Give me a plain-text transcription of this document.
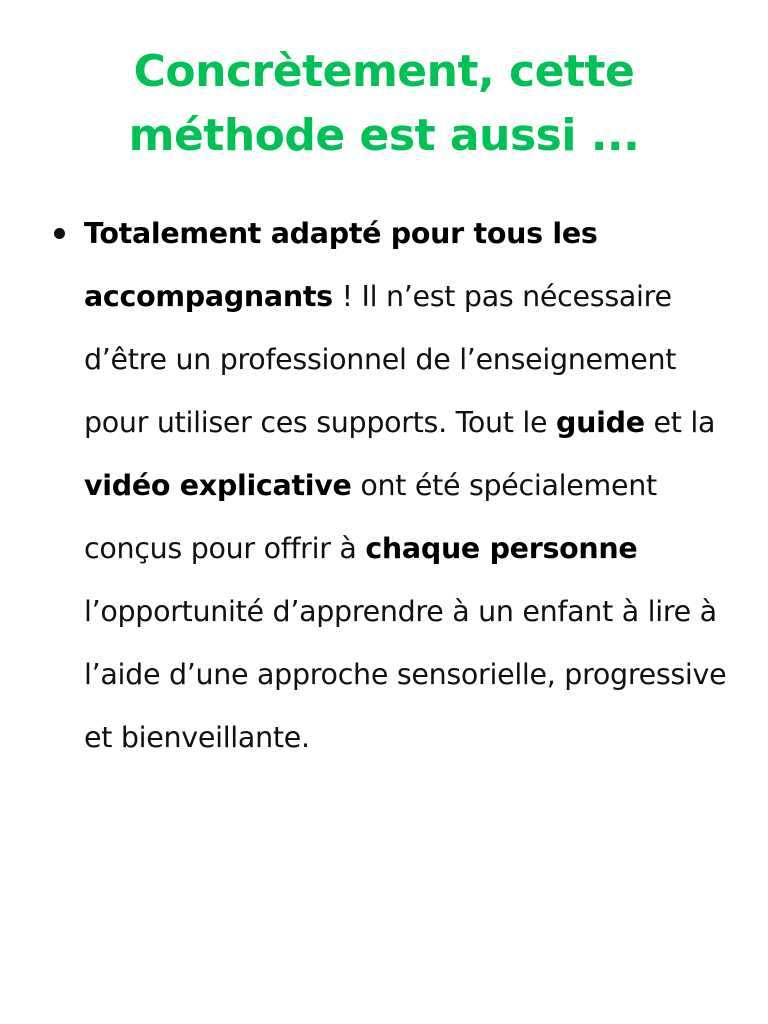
Concrètement, cette
méthode est aussi ...
Totalement adapté pour tous les accompagnants ! Il n’est pas nécessaire d’être un professionnel de l’enseignement pour utiliser ces supports. Tout le guide et la vidéo explicative ont été spécialement conçus pour offrir à chaque personne l’opportunité d’apprendre à un enfant à lire à l’aide d’une approche sensorielle, progressive et bienveillante.
